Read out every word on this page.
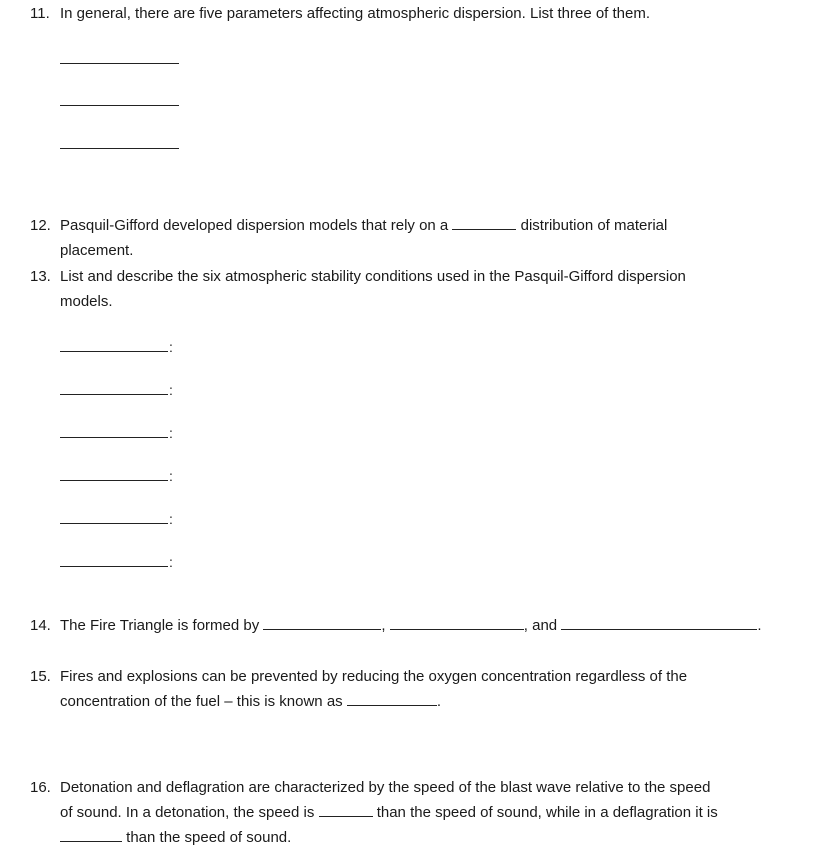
11. In general, there are five parameters affecting atmospheric dispersion. List three of them.
12. Pasquil-Gifford developed dispersion models that rely on a	distribution of material
placement.
13. List and describe the six atmospheric stability conditions used in the Pasquil-Gifford dispersion
models.
:
:
:
:
:
:
14. The Fire Triangle is formed by	,	, and	.
15. Fires and explosions can be prevented by reducing the oxygen concentration regardless of the
concentration of the fuel – this is known as	.
16. Detonation and deflagration are characterized by the speed of the blast wave relative to the speed
of sound. In a detonation, the speed is	than the speed of sound, while in a deflagration it is
than the speed of sound.
